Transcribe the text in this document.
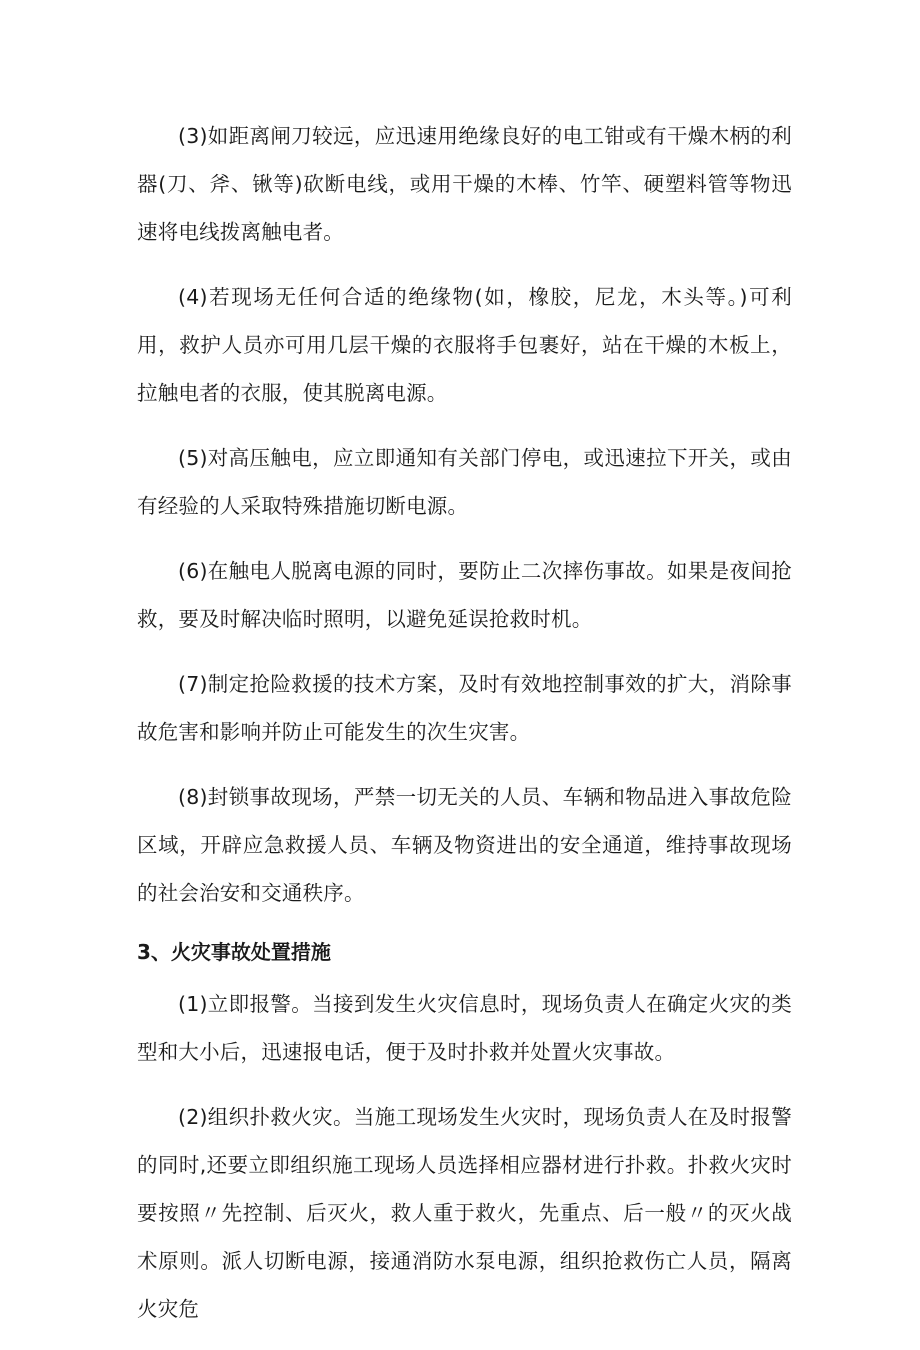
(3)如距离闸刀较远，应迅速用绝缘良好的电工钳或有干燥木柄的利器(刀、斧、锹等)砍断电线，或用干燥的木棒、竹竿、硬塑料管等物迅速将电线拨离触电者。

(4)若现场无任何合适的绝缘物(如，橡胶，尼龙，木头等。)可利用，救护人员亦可用几层干燥的衣服将手包裹好，站在干燥的木板上，拉触电者的衣服，使其脱离电源。

(5)对高压触电，应立即通知有关部门停电，或迅速拉下开关，或由有经验的人采取特殊措施切断电源。

(6)在触电人脱离电源的同时，要防止二次摔伤事故。如果是夜间抢救，要及时解决临时照明，以避免延误抢救时机。

(7)制定抢险救援的技术方案，及时有效地控制事效的扩大，消除事故危害和影响并防止可能发生的次生灾害。

(8)封锁事故现场，严禁一切无关的人员、车辆和物品进入事故危险区域，开辟应急救援人员、车辆及物资进出的安全通道，维持事故现场的社会治安和交通秩序。

3、火灾事故处置措施

(1)立即报警。当接到发生火灾信息时，现场负责人在确定火灾的类型和大小后，迅速报电话，便于及时扑救并处置火灾事故。

(2)组织扑救火灾。当施工现场发生火灾时，现场负责人在及时报警的同时,还要立即组织施工现场人员选择相应器材进行扑救。扑救火灾时要按照〃先控制、后灭火，救人重于救火，先重点、后一般〃的灭火战术原则。派人切断电源，接通消防水泵电源，组织抢救伤亡人员，隔离火灾危
